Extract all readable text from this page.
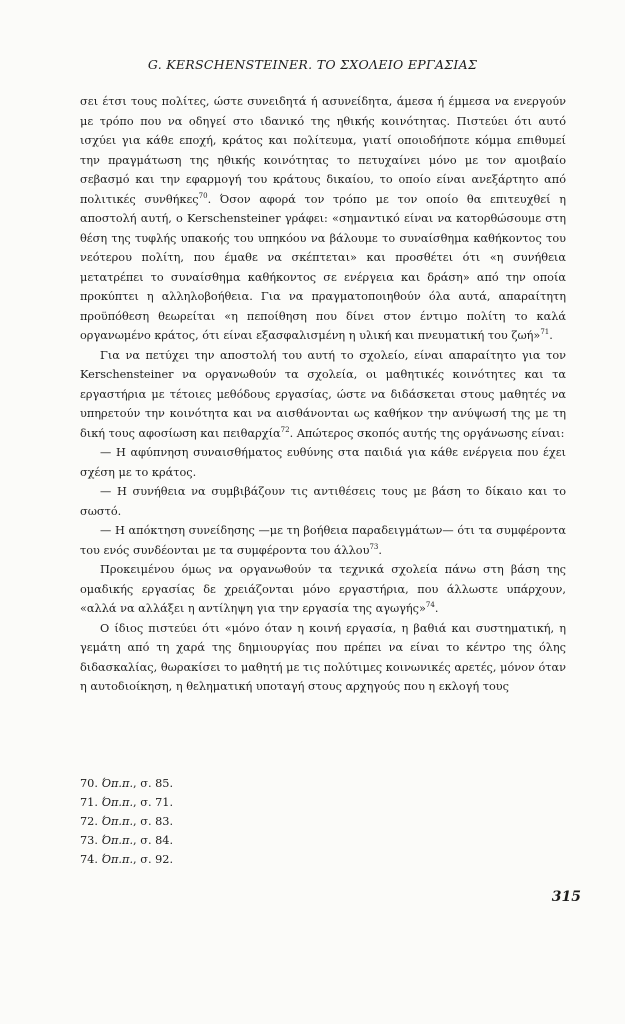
G. KERSCHENSTEINER. ΤΟ ΣΧΟΛΕΙΟ ΕΡΓΑΣΙΑΣ

σει έτσι τους πολίτες, ώστε συνειδητά ή ασυνείδητα, άμεσα ή έμμεσα να ενεργούν με τρόπο που να οδηγεί στο ιδανικό της ηθικής κοινότητας. Πιστεύει ότι αυτό ισχύει για κάθε εποχή, κράτος και πολίτευμα, γιατί οποιοδήποτε κόμμα επιθυμεί την πραγμάτωση της ηθικής κοινότητας το πετυχαίνει μόνο με τον αμοιβαίο σεβασμό και την εφαρμογή του κράτους δικαίου, το οποίο είναι ανεξάρτητο από πολιτικές συνθήκες$^{70}$. Όσον αφορά τον τρόπο με τον οποίο θα επιτευχθεί η αποστολή αυτή, ο Kerschensteiner γράφει: «σημαντικό είναι να κατορθώσουμε στη θέση της τυφλής υπακοής του υπηκόου να βάλουμε το συναίσθημα καθήκοντος του νεότερου πολίτη, που έμαθε να σκέπτεται» και προσθέτει ότι «η συνήθεια μετατρέπει το συναίσθημα καθήκοντος σε ενέργεια και δράση» από την οποία προκύπτει η αλληλοβοήθεια. Για να πραγματοποιηθούν όλα αυτά, απαραίτητη προϋπόθεση θεωρείται «η πεποίθηση που δίνει στον έντιμο πολίτη το καλά οργανωμένο κράτος, ότι είναι εξασφαλισμένη η υλική και πνευματική του ζωή»$^{71}$.

Για να πετύχει την αποστολή του αυτή το σχολείο, είναι απαραίτητο για τον Kerschensteiner να οργανωθούν τα σχολεία, οι μαθητικές κοινότητες και τα εργαστήρια με τέτοιες μεθόδους εργασίας, ώστε να διδάσκεται στους μαθητές να υπηρετούν την κοινότητα και να αισθάνονται ως καθήκον την ανύψωσή της με τη δική τους αφοσίωση και πειθαρχία$^{72}$. Απώτερος σκοπός αυτής της οργάνωσης είναι:

— Η αφύπνηση συναισθήματος ευθύνης στα παιδιά για κάθε ενέργεια που έχει σχέση με το κράτος.

— Η συνήθεια να συμβιβάζουν τις αντιθέσεις τους με βάση το δίκαιο και το σωστό.

— Η απόκτηση συνείδησης —με τη βοήθεια παραδειγμάτων— ότι τα συμφέροντα του ενός συνδέονται με τα συμφέροντα του άλλου$^{73}$.

Προκειμένου όμως να οργανωθούν τα τεχνικά σχολεία πάνω στη βάση της ομαδικής εργασίας δε χρειάζονται μόνο εργαστήρια, που άλλωστε υπάρχουν, «αλλά να αλλάξει η αντίληψη για την εργασία της αγωγής»$^{74}$.

Ο ίδιος πιστεύει ότι «μόνο όταν η κοινή εργασία, η βαθιά και συστηματική, η γεμάτη από τη χαρά της δημιουργίας που πρέπει να είναι το κέντρο της όλης διδασκαλίας, θωρακίσει το μαθητή με τις πολύτιμες κοινωνικές αρετές, μόνον όταν η αυτοδιοίκηση, η θεληματική υποταγή στους αρχηγούς που η εκλογή τους

70. Όπ.π., σ. 85.
71. Όπ.π., σ. 71.
72. Όπ.π., σ. 83.
73. Όπ.π., σ. 84.
74. Όπ.π., σ. 92.
315
